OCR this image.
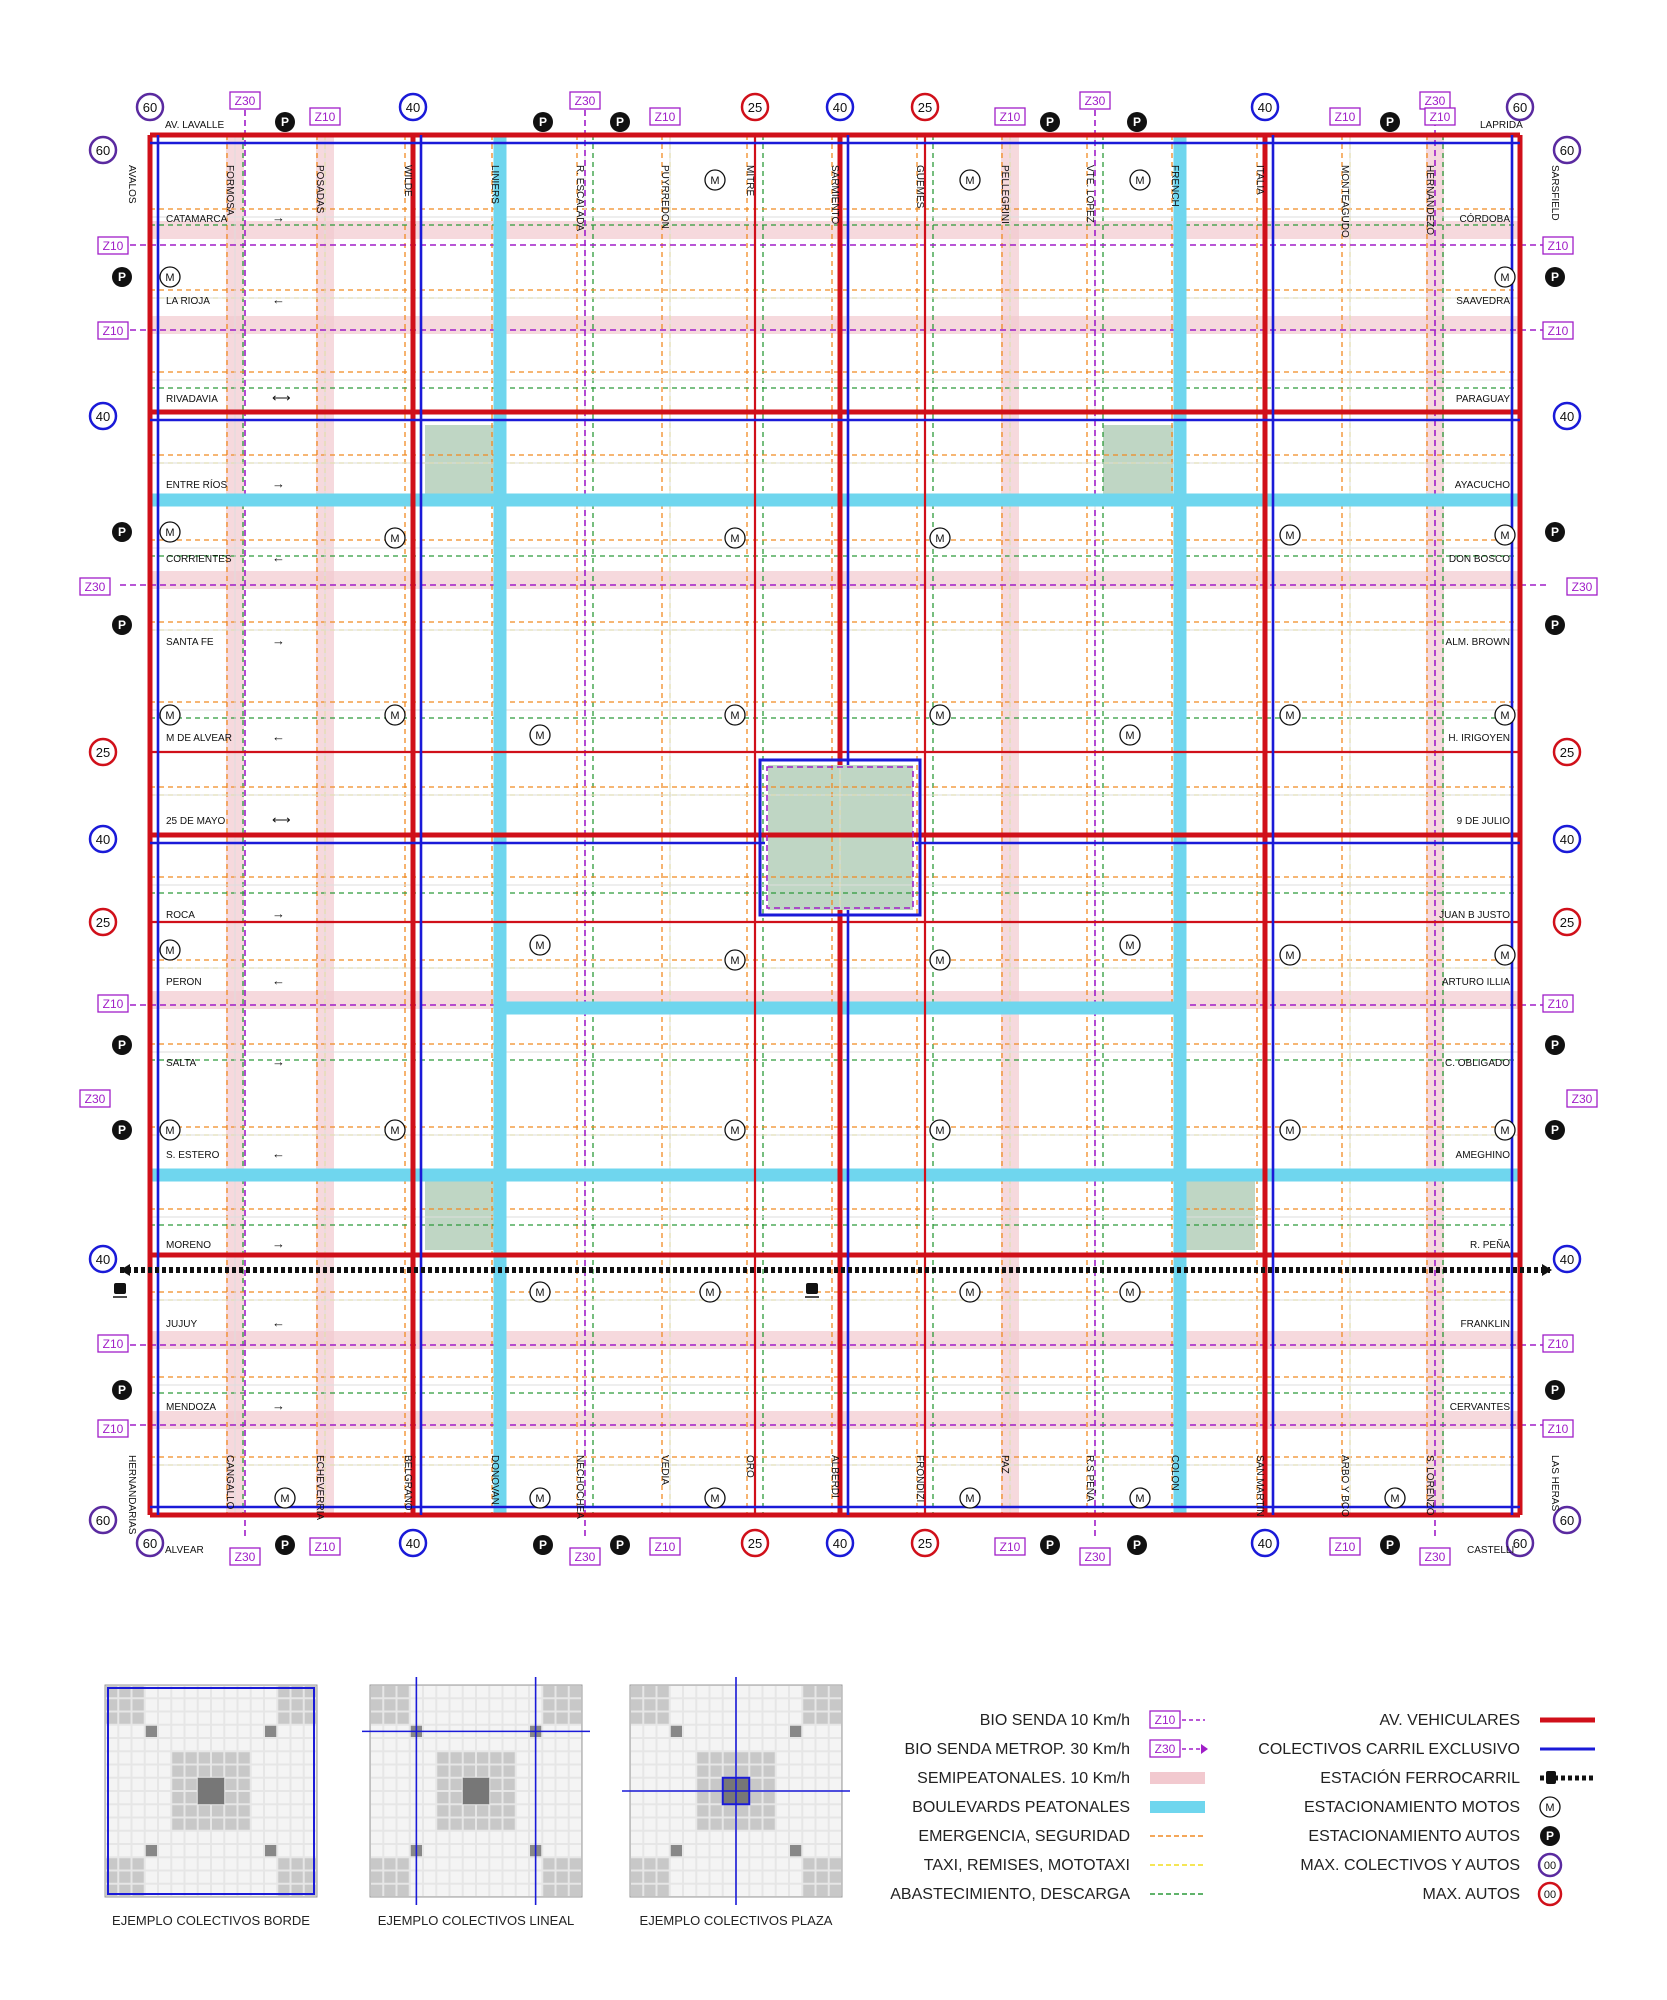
60
60
40
40
25
25
40
40
25
25
40
40
60
60
60	60
40	40
25	25
40	40
25	25
40	40
60	60
Z30
Z30
Z30
Z30
Z30
Z30
Z30
Z30
Z10	Z10	Z10	Z10	Z10
Z10	Z10	Z10	Z10
Z10	Z10
Z10	Z10
Z10	Z10
Z10	Z10
Z10	Z10
Z30	Z30
Z30	Z30
P	P	P	P	P	P
P	P	P	P	P	P
P	P
P	P
P	P
P	P
P	P
P	P
M	M
M	M	M
M	M	M	M	M	M
M	M
M
M	M
M
M	M
M	M
M	M
M
M	M
M	M	M	M	M	M
M	M	M	M
M	M	M	M	M	M
AVALOS	FORMOSA	POSADAS	WILDE	LINIERS	R. ESCALADA	PUYRREDON	MITRE	SARMIENTO	GUEMES	PELLEGRINI	VTE. LOPEZ	FRENCH	ITALIA	MONTEAGUDO	HERNANDEZO	SARSFIELD
HERNANDARIAS	CANGALLO	ECHEVERRIA	BELGRANO	DONOVAN	NECHOCHEA	VEDIA	ORO	ALBERDI	FRONDIZI	PAZ	R.S PEÑA	COLON	SAN MARTIN	ARBO Y BCO	S. LORENZO	LAS HERAS
AV. LAVALLE	LAPRIDA
ALVEAR	CASTELLI
CATAMARCA	CÓRDOBA
→
LA RIOJA	SAAVEDRA
←
RIVADAVIA	PARAGUAY
⟷
ENTRE RÍOS	AYACUCHO
→
CORRIENTES	DON BOSCO
←
SANTA FE	ALM. BROWN
→
M DE ALVEAR	H. IRIGOYEN
←
25 DE MAYO	9 DE JULIO
⟷
ROCA	JUAN B JUSTO
→
PERON	ARTURO ILLIA
←
SALTA	C. OBLIGADO
→
S. ESTERO	AMEGHINO
←
MORENO	R. PEÑA
→
JUJUY	FRANKLIN
←
MENDOZA	CERVANTES
→
EJEMPLO COLECTIVOS BORDE	EJEMPLO COLECTIVOS LINEAL	EJEMPLO COLECTIVOS PLAZA
BIO SENDA 10 Km/h Z10
BIO SENDA METROP. 30 Km/h Z30
SEMIPEATONALES. 10 Km/h
BOULEVARDS PEATONALES
EMERGENCIA, SEGURIDAD
TAXI, REMISES, MOTOTAXI
ABASTECIMIENTO, DESCARGA
AV. VEHICULARES
COLECTIVOS CARRIL EXCLUSIVO
ESTACIÓN FERROCARRIL
ESTACIONAMIENTO MOTOS M
ESTACIONAMIENTO AUTOS P
MAX. COLECTIVOS Y AUTOS 00
MAX. AUTOS 00
